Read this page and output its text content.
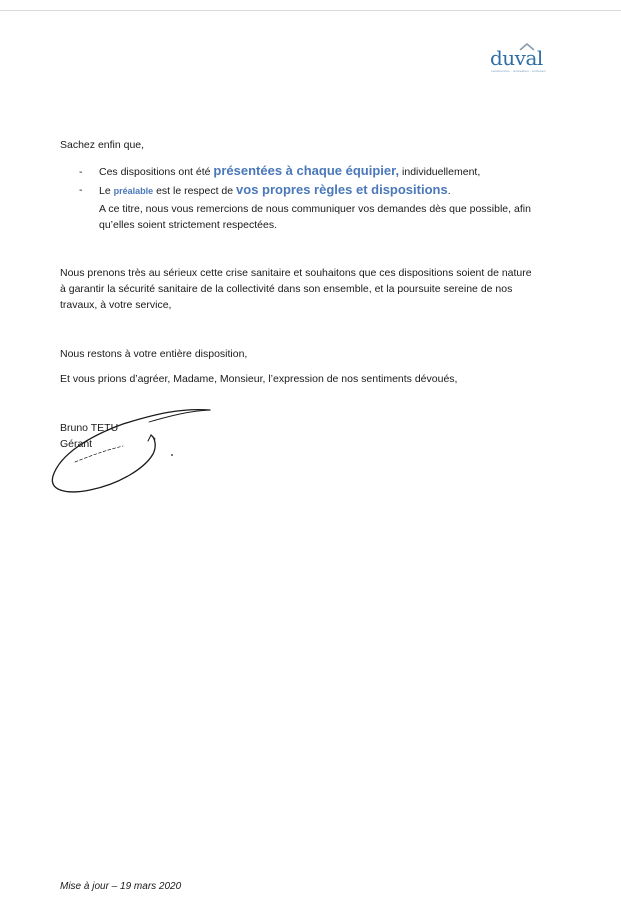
duval
construction · rénovation · entretien
Sachez enfin que,
- Ces dispositions ont été présentées à chaque équipier, individuellement,
- Le préalable est le respect de vos propres règles et dispositions.
A ce titre, nous vous remercions de nous communiquer vos demandes dès que possible, afin
qu’elles soient strictement respectées.
Nous prenons très au sérieux cette crise sanitaire et souhaitons que ces dispositions soient de nature
à garantir la sécurité sanitaire de la collectivité dans son ensemble, et la poursuite sereine de nos
travaux, à votre service,
Nous restons à votre entière disposition,
Et vous prions d’agréer, Madame, Monsieur, l’expression de nos sentiments dévoués,
Bruno TETU
Gérant
Mise à jour – 19 mars 2020
